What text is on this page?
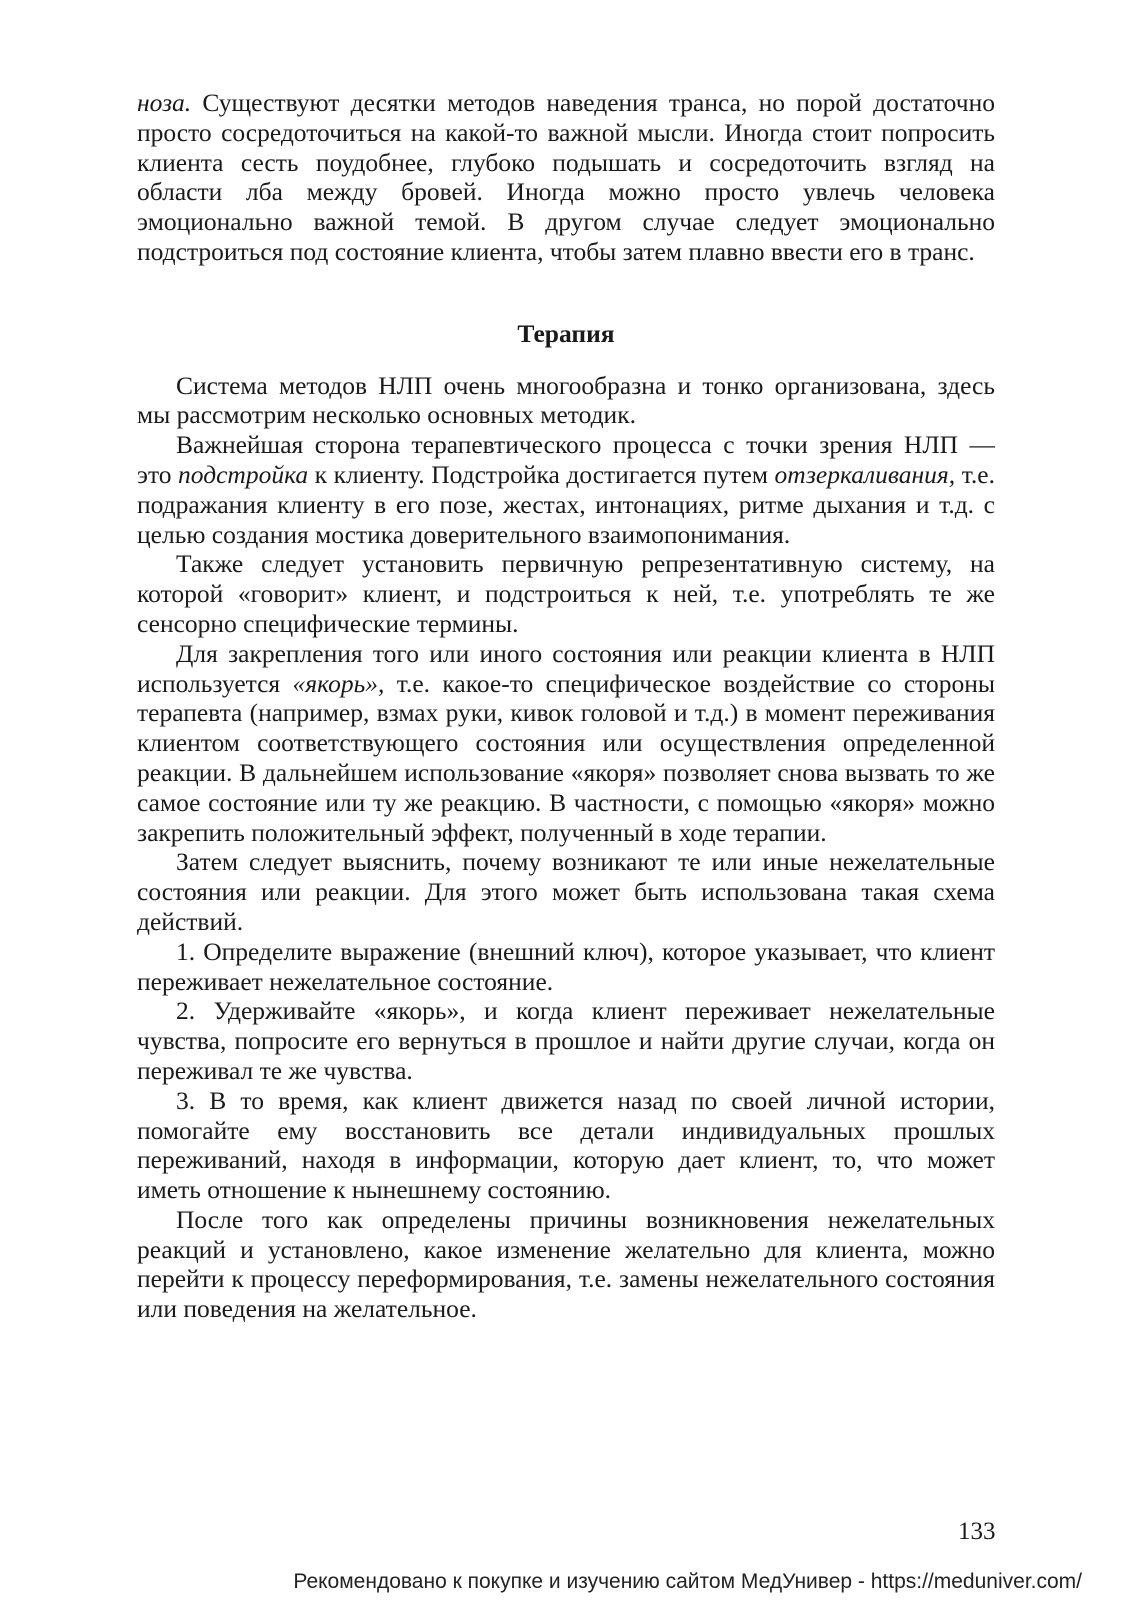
ноза. Существуют десятки методов наведения транса, но порой достаточно просто сосредоточиться на какой-то важной мысли. Иногда стоит попросить клиента сесть поудобнее, глубоко подышать и сосредоточить взгляд на области лба между бровей. Иногда можно просто увлечь человека эмоционально важной темой. В другом случае следует эмоционально подстроиться под состояние клиента, чтобы затем плавно ввести его в транс.

Терапия

Система методов НЛП очень многообразна и тонко организована, здесь мы рассмотрим несколько основных методик.

Важнейшая сторона терапевтического процесса с точки зрения НЛП — это подстройка к клиенту. Подстройка достигается путем отзеркаливания, т.е. подражания клиенту в его позе, жестах, интонациях, ритме дыхания и т.д. с целью создания мостика доверительного взаимопонимания.

Также следует установить первичную репрезентативную систему, на которой «говорит» клиент, и подстроиться к ней, т.е. употреблять те же сенсорно специфические термины.

Для закрепления того или иного состояния или реакции клиента в НЛП используется «якорь», т.е. какое-то специфическое воздействие со стороны терапевта (например, взмах руки, кивок головой и т.д.) в момент переживания клиентом соответствующего состояния или осуществления определенной реакции. В дальнейшем использование «якоря» позволяет снова вызвать то же самое состояние или ту же реакцию. В частности, с помощью «якоря» можно закрепить положительный эффект, полученный в ходе терапии.

Затем следует выяснить, почему возникают те или иные нежелательные состояния или реакции. Для этого может быть использована такая схема действий.

1. Определите выражение (внешний ключ), которое указывает, что клиент переживает нежелательное состояние.

2. Удерживайте «якорь», и когда клиент переживает нежелательные чувства, попросите его вернуться в прошлое и найти другие случаи, когда он переживал те же чувства.

3. В то время, как клиент движется назад по своей личной истории, помогайте ему восстановить все детали индивидуальных прошлых переживаний, находя в информации, которую дает клиент, то, что может иметь отношение к нынешнему состоянию.

После того как определены причины возникновения нежелательных реакций и установлено, какое изменение желательно для клиента, можно перейти к процессу переформирования, т.е. замены нежелательного состояния или поведения на желательное.

133
Рекомендовано к покупке и изучению сайтом МедУнивер - https://meduniver.com/
